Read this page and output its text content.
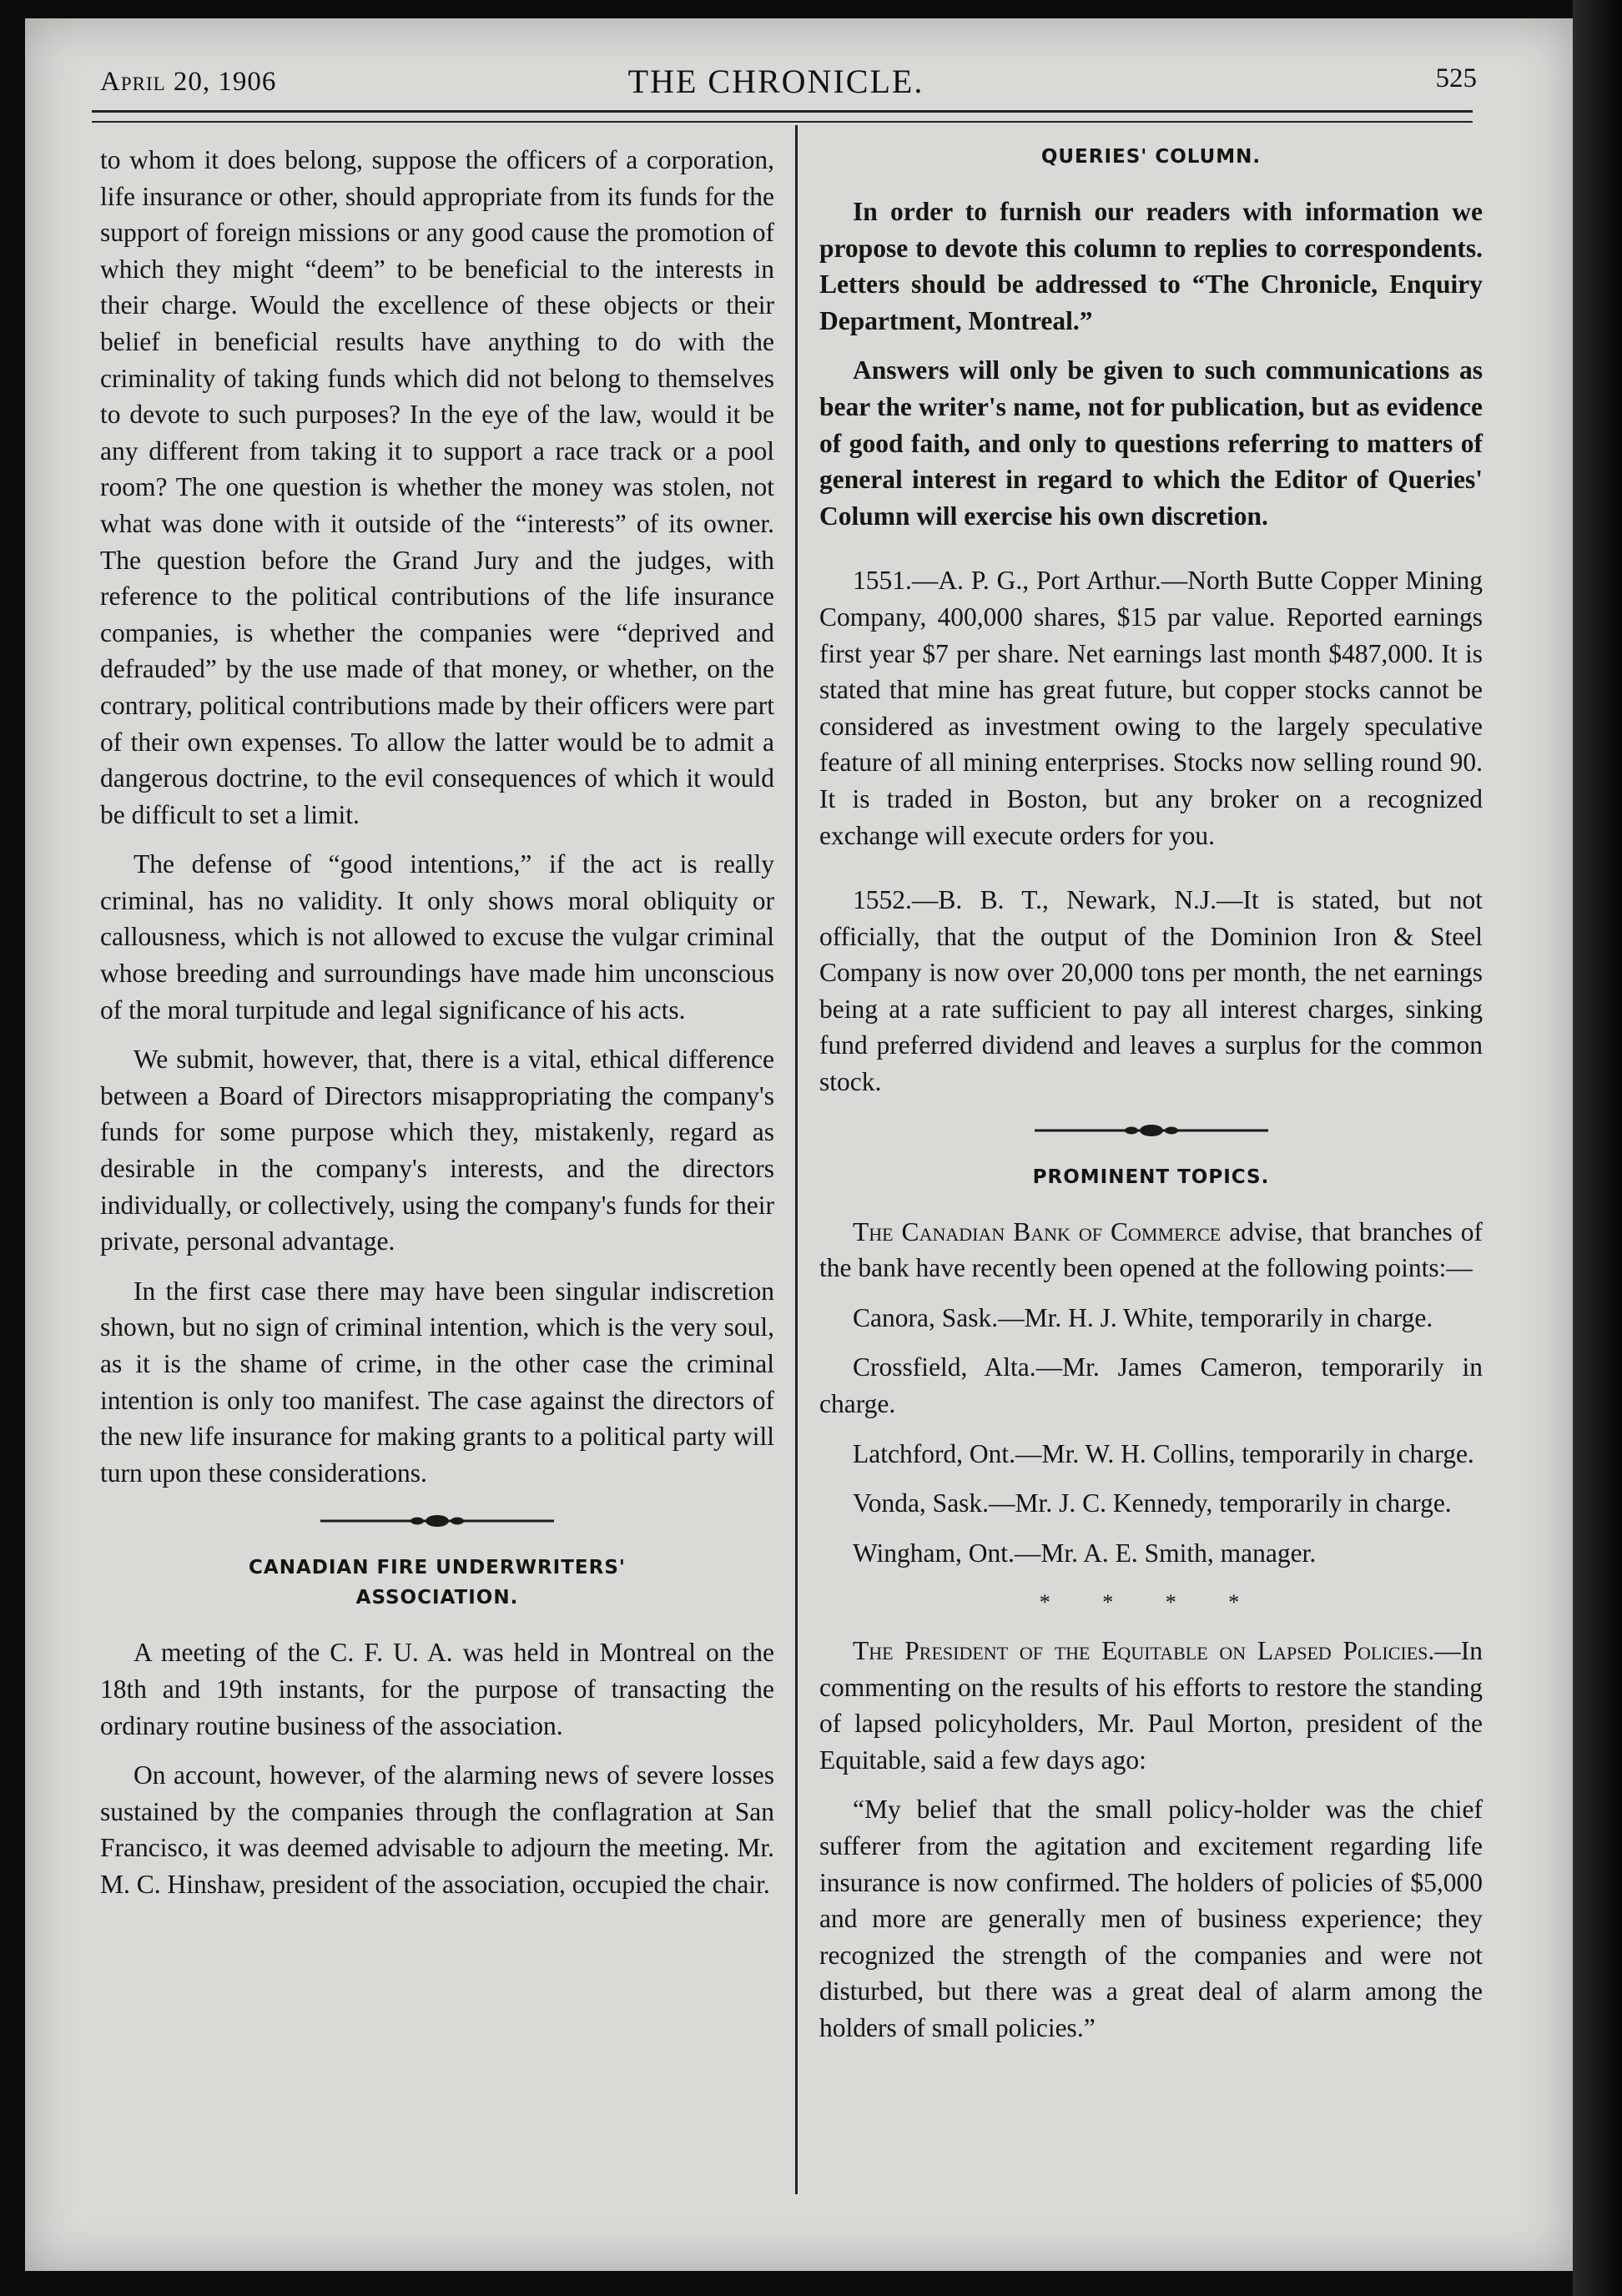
April 20, 1906	THE CHRONICLE.	525

to whom it does belong, suppose the officers of a corporation, life insurance or other, should appropriate from its funds for the support of foreign missions or any good cause the promotion of which they might “deem” to be beneficial to the interests in their charge. Would the excellence of these objects or their belief in beneficial results have anything to do with the criminality of taking funds which did not belong to themselves to devote to such purposes? In the eye of the law, would it be any different from taking it to support a race track or a pool room? The one question is whether the money was stolen, not what was done with it outside of the “interests” of its owner. The question before the Grand Jury and the judges, with reference to the political contributions of the life insurance companies, is whether the companies were “deprived and defrauded” by the use made of that money, or whether, on the contrary, political contributions made by their officers were part of their own expenses. To allow the latter would be to admit a dangerous doctrine, to the evil consequences of which it would be difficult to set a limit.

The defense of “good intentions,” if the act is really criminal, has no validity. It only shows moral obliquity or callousness, which is not allowed to excuse the vulgar criminal whose breeding and surroundings have made him unconscious of the moral turpitude and legal significance of his acts.

We submit, however, that, there is a vital, ethical difference between a Board of Directors misappropriating the company's funds for some purpose which they, mistakenly, regard as desirable in the company's interests, and the directors individually, or collectively, using the company's funds for their private, personal advantage.

In the first case there may have been singular indiscretion shown, but no sign of criminal intention, which is the very soul, as it is the shame of crime, in the other case the criminal intention is only too manifest. The case against the directors of the new life insurance for making grants to a political party will turn upon these considerations.

CANADIAN FIRE UNDERWRITERS'
ASSOCIATION.

A meeting of the C. F. U. A. was held in Montreal on the 18th and 19th instants, for the purpose of transacting the ordinary routine business of the association.

On account, however, of the alarming news of severe losses sustained by the companies through the conflagration at San Francisco, it was deemed advisable to adjourn the meeting. Mr. M. C. Hinshaw, president of the association, occupied the chair.

QUERIES' COLUMN.

In order to furnish our readers with information we propose to devote this column to replies to correspondents. Letters should be addressed to “The Chronicle, Enquiry Department, Montreal.”

Answers will only be given to such communications as bear the writer's name, not for publication, but as evidence of good faith, and only to questions referring to matters of general interest in regard to which the Editor of Queries' Column will exercise his own discretion.

1551.—A. P. G., Port Arthur.—North Butte Copper Mining Company, 400,000 shares, $15 par value. Reported earnings first year $7 per share. Net earnings last month $487,000. It is stated that mine has great future, but copper stocks cannot be considered as investment owing to the largely speculative feature of all mining enterprises. Stocks now selling round 90. It is traded in Boston, but any broker on a recognized exchange will execute orders for you.

1552.—B. B. T., Newark, N.J.—It is stated, but not officially, that the output of the Dominion Iron & Steel Company is now over 20,000 tons per month, the net earnings being at a rate sufficient to pay all interest charges, sinking fund preferred dividend and leaves a surplus for the common stock.

PROMINENT TOPICS.

The Canadian Bank of Commerce advise, that branches of the bank have recently been opened at the following points:—

Canora, Sask.—Mr. H. J. White, temporarily in charge.

Crossfield, Alta.—Mr. James Cameron, temporarily in charge.

Latchford, Ont.—Mr. W. H. Collins, temporarily in charge.

Vonda, Sask.—Mr. J. C. Kennedy, temporarily in charge.

Wingham, Ont.—Mr. A. E. Smith, manager.

* * * *

The President of the Equitable on Lapsed Policies.—In commenting on the results of his efforts to restore the standing of lapsed policyholders, Mr. Paul Morton, president of the Equitable, said a few days ago:

“My belief that the small policy-holder was the chief sufferer from the agitation and excitement regarding life insurance is now confirmed. The holders of policies of $5,000 and more are generally men of business experience; they recognized the strength of the companies and were not disturbed, but there was a great deal of alarm among the holders of small policies.”
